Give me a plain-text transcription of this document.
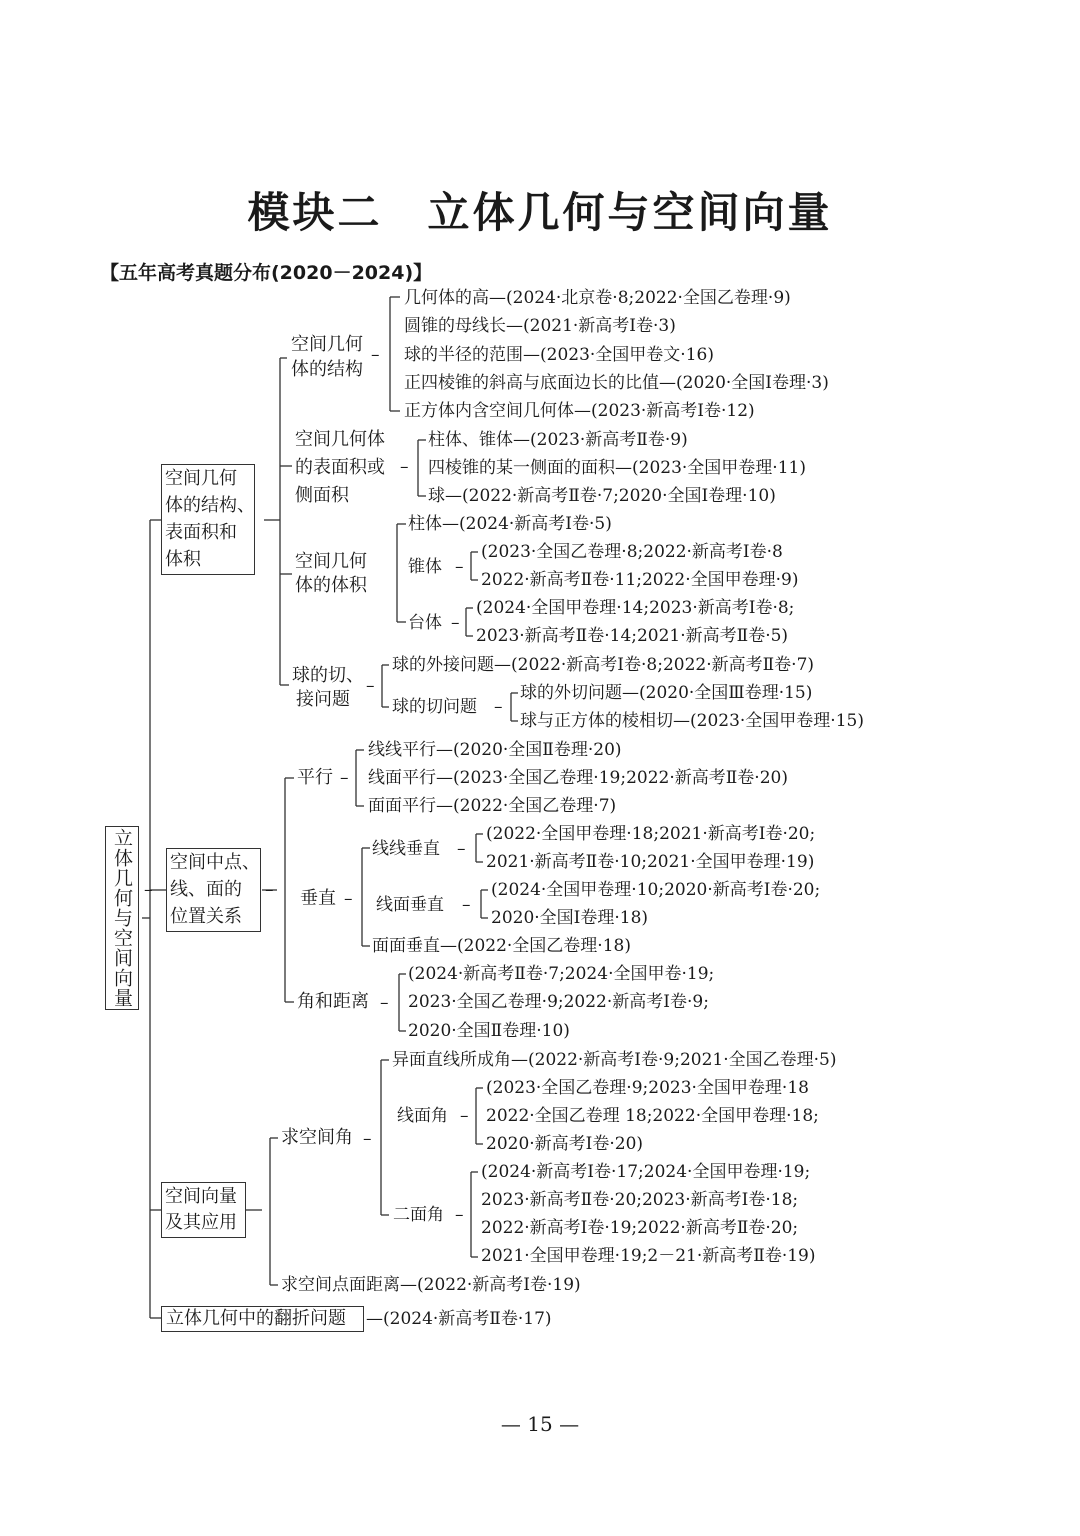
模块二　立体几何与空间向量
【五年高考真题分布(2020－2024)】
立体几何与空间向量
空间几何
体的结构、
表面积和
体积
空间几何
体的结构
–
几何体的高—(2024·北京卷·8;2022·全国乙卷理·9)
圆锥的母线长—(2021·新高考Ⅰ卷·3)
球的半径的范围—(2023·全国甲卷文·16)
正四棱锥的斜高与底面边长的比值—(2020·全国Ⅰ卷理·3)
正方体内含空间几何体—(2023·新高考Ⅰ卷·12)
空间几何体
的表面积或
侧面积
–
柱体、锥体—(2023·新高考Ⅱ卷·9)
四棱锥的某一侧面的面积—(2023·全国甲卷理·11)
球—(2022·新高考Ⅱ卷·7;2020·全国Ⅰ卷理·10)
空间几何
体的体积
柱体—(2024·新高考Ⅰ卷·5)
锥体 –
(2023·全国乙卷理·8;2022·新高考Ⅰ卷·8
2022·新高考Ⅱ卷·11;2022·全国甲卷理·9)
台体 –
(2024·全国甲卷理·14;2023·新高考Ⅰ卷·8;
2023·新高考Ⅱ卷·14;2021·新高考Ⅱ卷·5)
球的切、
接问题
–
球的外接问题—(2022·新高考Ⅰ卷·8;2022·新高考Ⅱ卷·7)
球的切问题 –
球的外切问题—(2020·全国Ⅲ卷理·15)
球与正方体的棱相切—(2023·全国甲卷理·15)
空间中点、
线、面的
位置关系
–	–
平行 –
线线平行—(2020·全国Ⅱ卷理·20)
线面平行—(2023·全国乙卷理·19;2022·新高考Ⅱ卷·20)
面面平行—(2022·全国乙卷理·7)
垂直 –
线线垂直 –
(2022·全国甲卷理·18;2021·新高考Ⅰ卷·20;
2021·新高考Ⅱ卷·10;2021·全国甲卷理·19)
线面垂直 –
(2024·全国甲卷理·10;2020·新高考Ⅰ卷·20;
2020·全国Ⅰ卷理·18)
面面垂直—(2022·全国乙卷理·18)
角和距离 –
(2024·新高考Ⅱ卷·7;2024·全国甲卷·19;
2023·全国乙卷理·9;2022·新高考Ⅰ卷·9;
2020·全国Ⅱ卷理·10)
空间向量
及其应用
求空间角 –
异面直线所成角—(2022·新高考Ⅰ卷·9;2021·全国乙卷理·5)
线面角 –
(2023·全国乙卷理·9;2023·全国甲卷理·18
2022·全国乙卷理 18;2022·全国甲卷理·18;
2020·新高考Ⅰ卷·20)
二面角 –
(2024·新高考Ⅰ卷·17;2024·全国甲卷理·19;
2023·新高考Ⅱ卷·20;2023·新高考Ⅰ卷·18;
2022·新高考Ⅰ卷·19;2022·新高考Ⅱ卷·20;
2021·全国甲卷理·19;2－21·新高考Ⅱ卷·19)
求空间点面距离—(2022·新高考Ⅰ卷·19)
立体几何中的翻折问题 —(2024·新高考Ⅱ卷·17)
— 15 —
